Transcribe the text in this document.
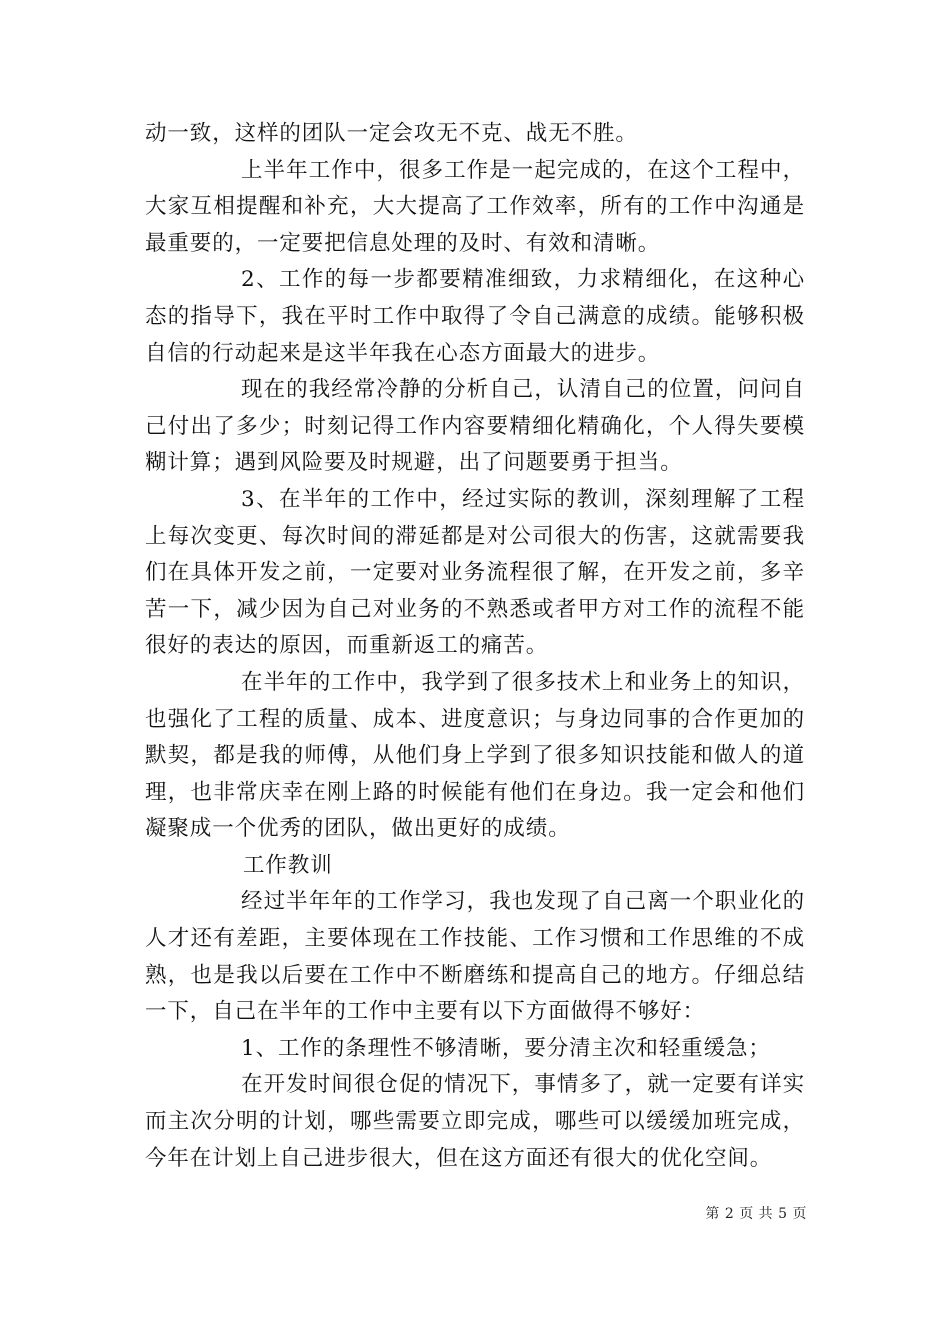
动一致，这样的团队一定会攻无不克、战无不胜。

上半年工作中，很多工作是一起完成的，在这个工程中，大家互相提醒和补充，大大提高了工作效率，所有的工作中沟通是最重要的，一定要把信息处理的及时、有效和清晰。

2、工作的每一步都要精准细致，力求精细化，在这种心态的指导下，我在平时工作中取得了令自己满意的成绩。能够积极自信的行动起来是这半年我在心态方面最大的进步。

现在的我经常冷静的分析自己，认清自己的位置，问问自己付出了多少；时刻记得工作内容要精细化精确化，个人得失要模糊计算；遇到风险要及时规避，出了问题要勇于担当。

3、在半年的工作中，经过实际的教训，深刻理解了工程上每次变更、每次时间的滞延都是对公司很大的伤害，这就需要我们在具体开发之前，一定要对业务流程很了解，在开发之前，多辛苦一下，减少因为自己对业务的不熟悉或者甲方对工作的流程不能很好的表达的原因，而重新返工的痛苦。

在半年的工作中，我学到了很多技术上和业务上的知识，也强化了工程的质量、成本、进度意识；与身边同事的合作更加的默契，都是我的师傅，从他们身上学到了很多知识技能和做人的道理，也非常庆幸在刚上路的时候能有他们在身边。我一定会和他们凝聚成一个优秀的团队，做出更好的成绩。

工作教训

经过半年年的工作学习，我也发现了自己离一个职业化的人才还有差距，主要体现在工作技能、工作习惯和工作思维的不成熟，也是我以后要在工作中不断磨练和提高自己的地方。仔细总结一下，自己在半年的工作中主要有以下方面做得不够好：

1、工作的条理性不够清晰，要分清主次和轻重缓急；

在开发时间很仓促的情况下，事情多了，就一定要有详实而主次分明的计划，哪些需要立即完成，哪些可以缓缓加班完成，今年在计划上自己进步很大，但在这方面还有很大的优化空间。

第 2 页 共 5 页
